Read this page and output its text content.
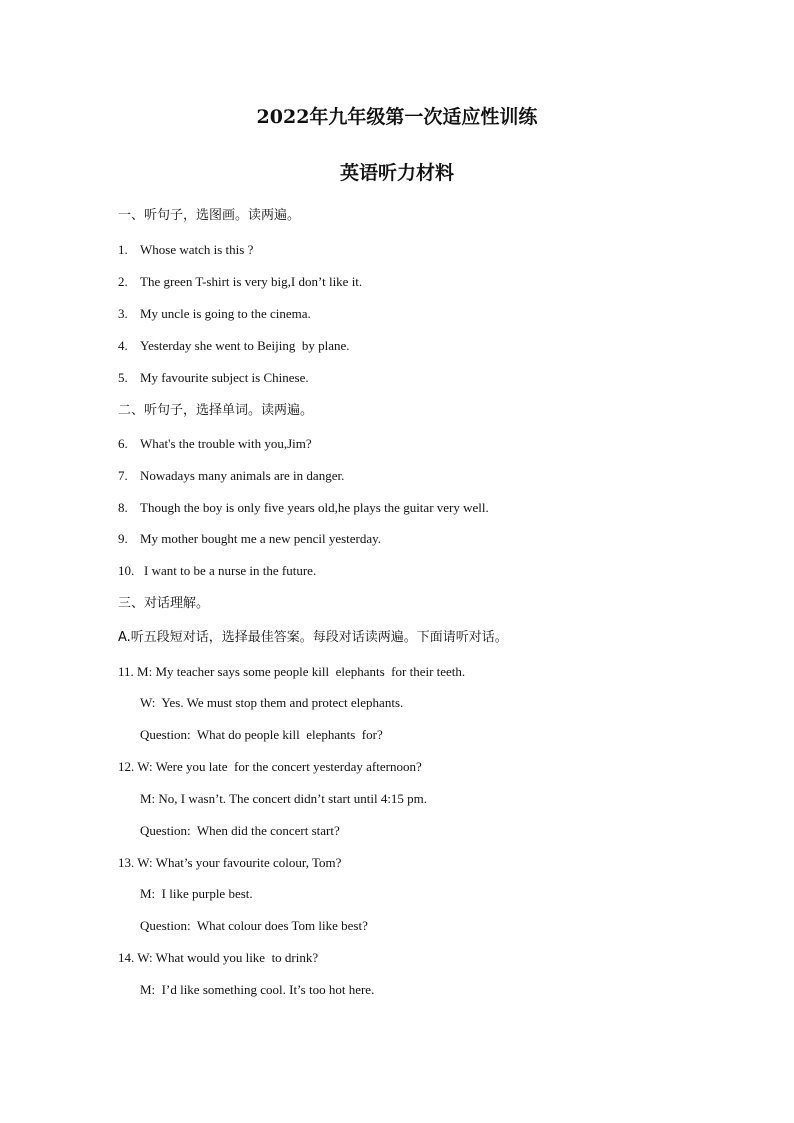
2022年九年级第一次适应性训练
英语听力材料
一、听句子，选图画。读两遍。
1. Whose watch is this ?
2. The green T-shirt is very big,I don’t like it.
3. My uncle is going to the cinema.
4. Yesterday she went to Beijing  by plane.
5. My favourite subject is Chinese.
二、听句子，选择单词。读两遍。
6. What's the trouble with you,Jim?
7. Nowadays many animals are in danger.
8. Though the boy is only five years old,he plays the guitar very well.
9. My mother bought me a new pencil yesterday.
10. I want to be a nurse in the future.
三、对话理解。
A.听五段短对话，选择最佳答案。每段对话读两遍。下面请听对话。
11. M: My teacher says some people kill  elephants  for their teeth.
W:  Yes. We must stop them and protect elephants.
Question:  What do people kill  elephants  for?
12. W: Were you late  for the concert yesterday afternoon?
M: No, I wasn’t. The concert didn’t start until 4:15 pm.
Question:  When did the concert start?
13. W: What’s your favourite colour, Tom?
M:  I like purple best.
Question:  What colour does Tom like best?
14. W: What would you like  to drink?
M:  I’d like something cool. It’s too hot here.
